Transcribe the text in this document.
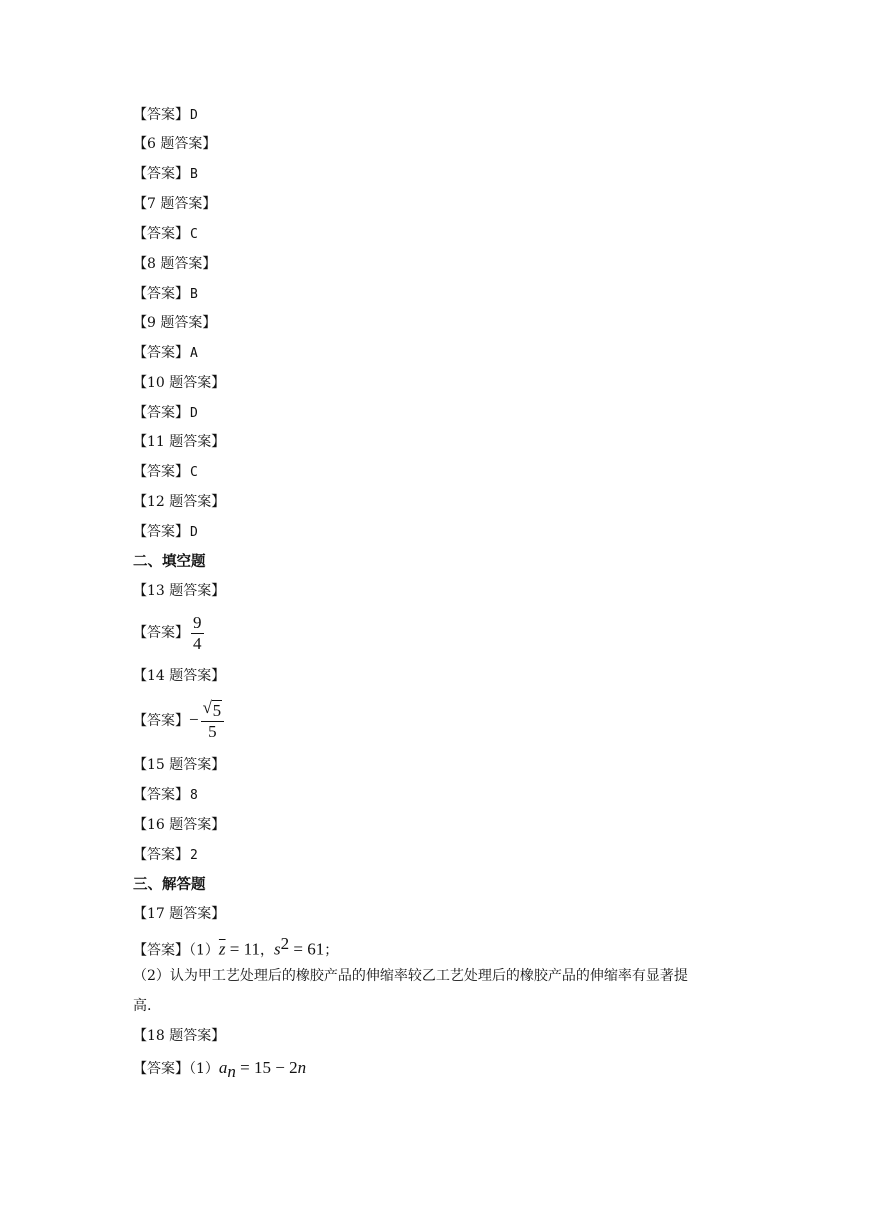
【答案】D
【6 题答案】
【答案】B
【7 题答案】
【答案】C
【8 题答案】
【答案】B
【9 题答案】
【答案】A
【10 题答案】
【答案】D
【11 题答案】
【答案】C
【12 题答案】
【答案】D
二、填空题
【13 题答案】
【答案】 $\frac{9}{4}$
【14 题答案】
【答案】− $\frac{√ 5}{5}$
【15 题答案】
【答案】8
【16 题答案】
【答案】2
三、解答题
【17 题答案】
【答案】$(1)\overline{z} = 11$，$s^2 = 61$；
（2）认为甲工艺处理后的橡胶产品的伸缩率较乙工艺处理后的橡胶产品的伸缩率有显著提
高.
【18 题答案】
【答案】$(1)a_n = 15 - 2n$
